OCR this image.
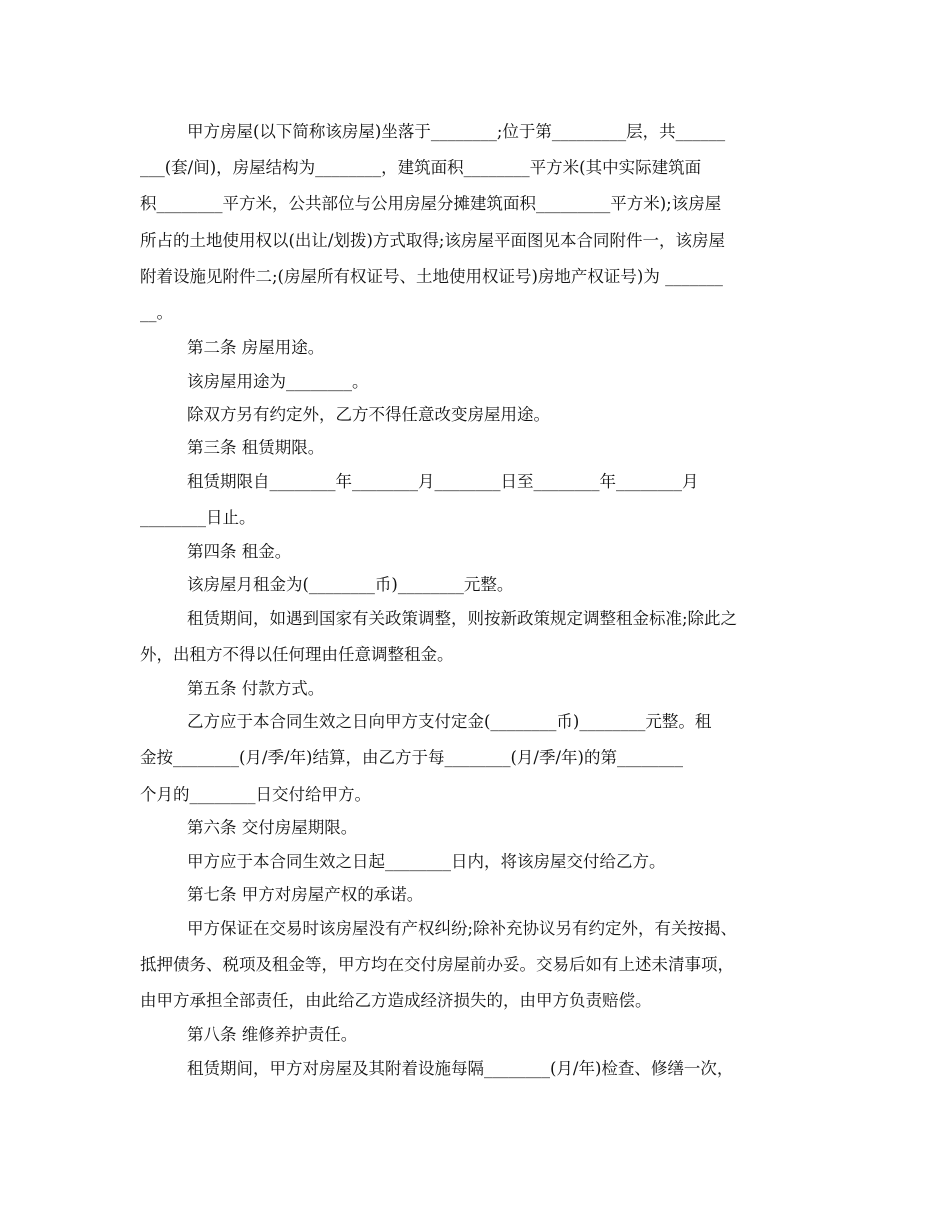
甲方房屋(以下简称该房屋)坐落于________;位于第_________层，共______
___(套/间)，房屋结构为________，建筑面积________平方米(其中实际建筑面
积________平方米，公共部位与公用房屋分摊建筑面积_________平方米);该房屋
所占的土地使用权以(出让/划拨)方式取得;该房屋平面图见本合同附件一，该房屋
附着设施见附件二;(房屋所有权证号、土地使用权证号)房地产权证号)为 _______
__。
第二条 房屋用途。
该房屋用途为________。
除双方另有约定外，乙方不得任意改变房屋用途。
第三条 租赁期限。
租赁期限自________年________月________日至________年________月
________日止。
第四条 租金。
该房屋月租金为(________币)________元整。
租赁期间，如遇到国家有关政策调整，则按新政策规定调整租金标准;除此之
外，出租方不得以任何理由任意调整租金。
第五条 付款方式。
乙方应于本合同生效之日向甲方支付定金(________币)________元整。租
金按________(月/季/年)结算，由乙方于每________(月/季/年)的第________
个月的________日交付给甲方。
第六条 交付房屋期限。
甲方应于本合同生效之日起________日内，将该房屋交付给乙方。
第七条 甲方对房屋产权的承诺。
甲方保证在交易时该房屋没有产权纠纷;除补充协议另有约定外，有关按揭、
抵押债务、税项及租金等，甲方均在交付房屋前办妥。交易后如有上述未清事项，
由甲方承担全部责任，由此给乙方造成经济损失的，由甲方负责赔偿。
第八条 维修养护责任。
租赁期间，甲方对房屋及其附着设施每隔________(月/年)检查、修缮一次，
